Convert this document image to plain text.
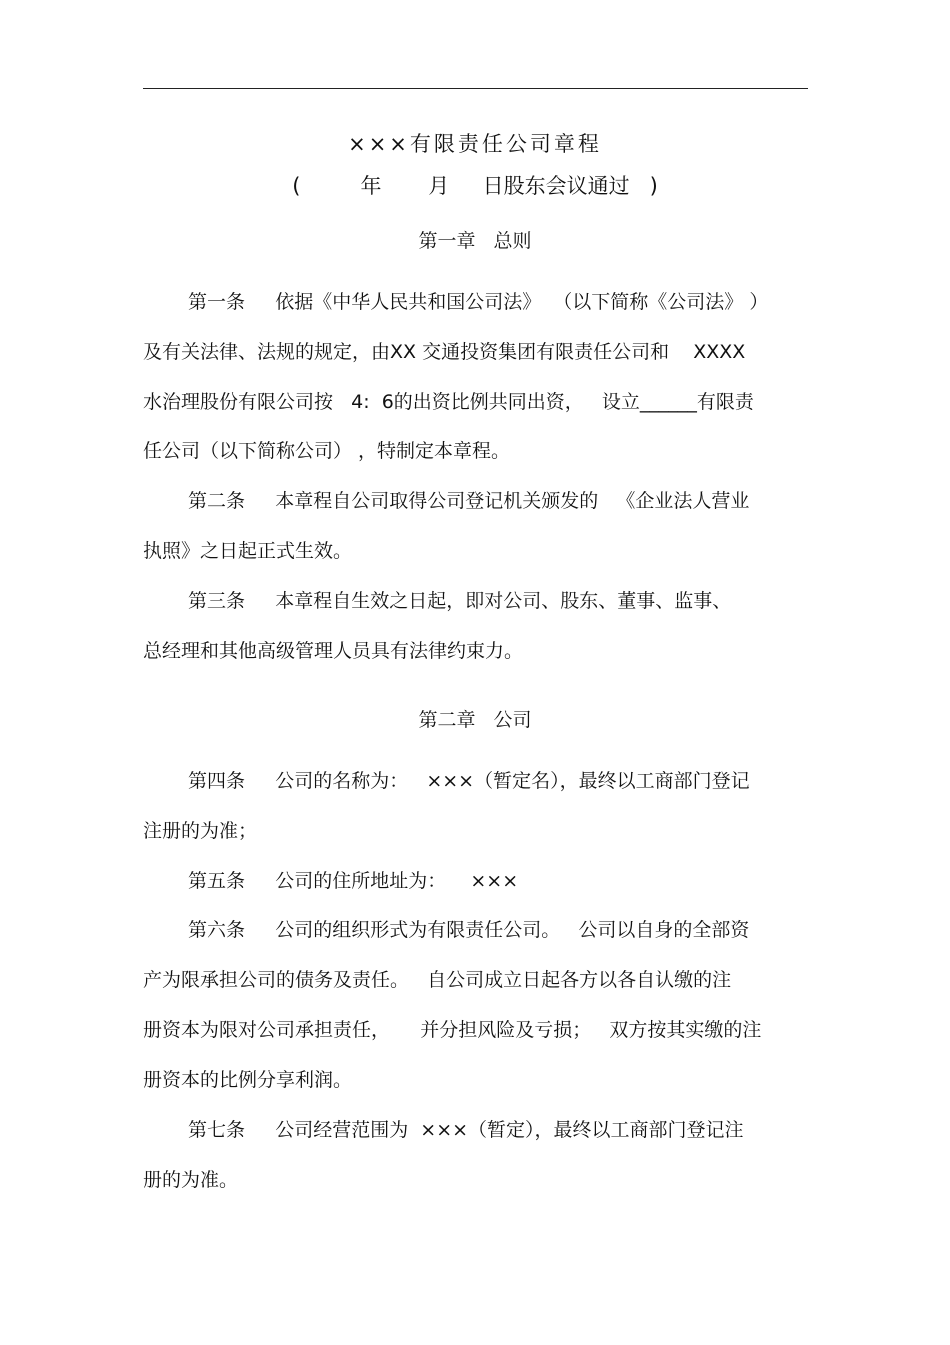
×××有限责任公司章程
(         年       月     日股东会议通过   )
第一章   总则
第一条     依据《中华人民共和国公司法》  （以下简称《公司法》 ）
及有关法律、法规的规定，由XX 交通投资集团有限责任公司和    XXXX
水治理股份有限公司按   4:  6的出资比例共同出资，   设立______有限责
任公司（以下简称公司） ，特制定本章程。
第二条     本章程自公司取得公司登记机关颁发的   《企业法人营业
执照》之日起正式生效。
第三条     本章程自生效之日起，即对公司、股东、董事、监事、
总经理和其他高级管理人员具有法律约束力。
第二章   公司
第四条     公司的名称为：   ×××（暂定名），最终以工商部门登记
注册的为准；
第五条     公司的住所地址为：    ×××
第六条     公司的组织形式为有限责任公司。   公司以自身的全部资
产为限承担公司的债务及责任。   自公司成立日起各方以各自认缴的注
册资本为限对公司承担责任，     并分担风险及亏损；   双方按其实缴的注
册资本的比例分享利润。
第七条     公司经营范围为  ×××（暂定），最终以工商部门登记注
册的为准。
